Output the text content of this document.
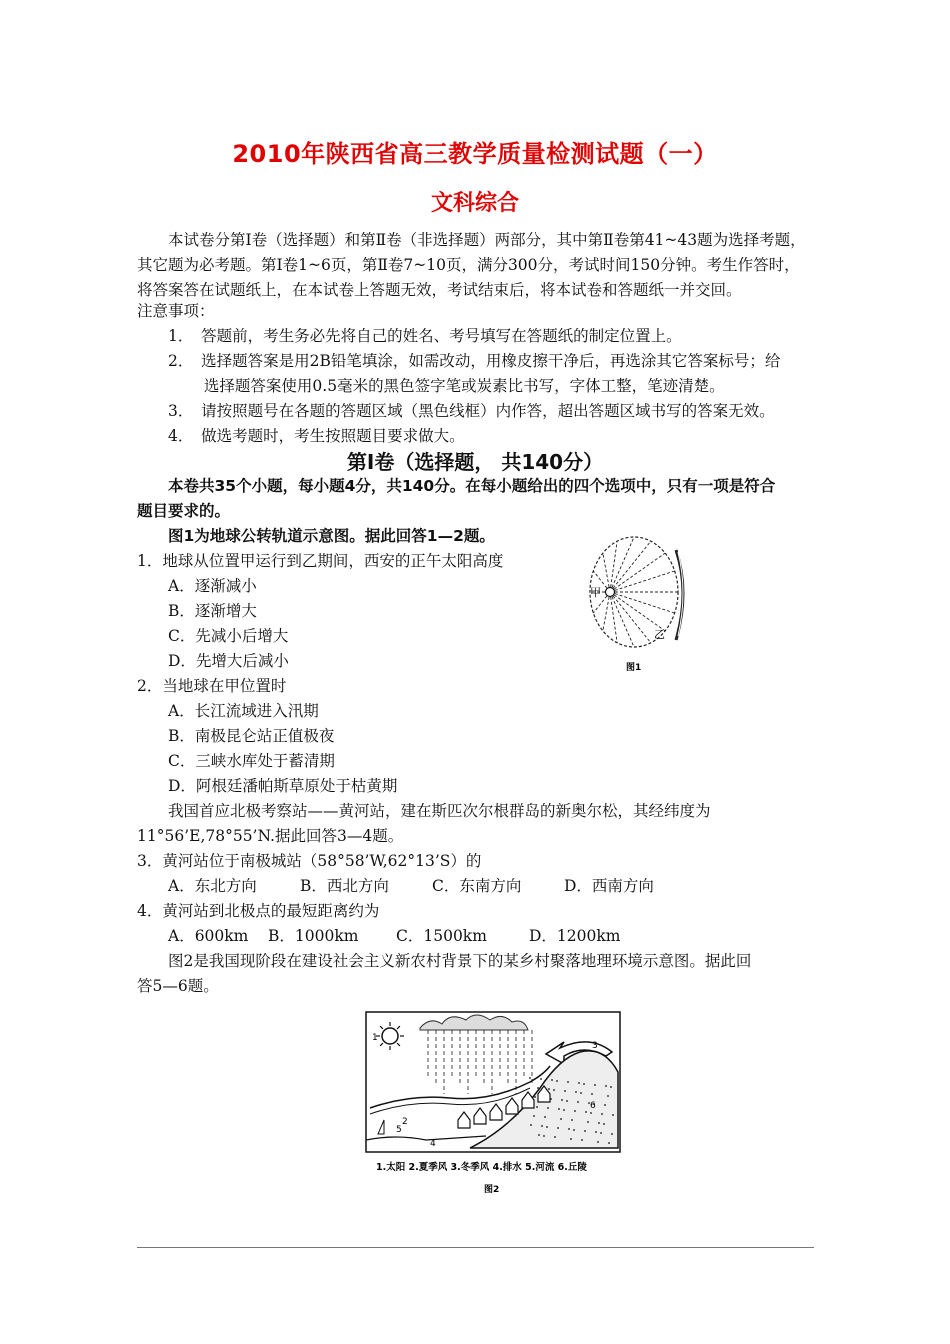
2010年陕西省高三教学质量检测试题（一）
文科综合
本试卷分第Ⅰ卷（选择题）和第Ⅱ卷（非选择题）两部分，其中第Ⅱ卷第41~43题为选择考题，
其它题为必考题。第Ⅰ卷1~6页，第Ⅱ卷7~10页，满分300分，考试时间150分钟。考生作答时，
将答案答在试题纸上，在本试卷上答题无效，考试结束后，将本试卷和答题纸一并交回。
注意事项：
1．　答题前，考生务必先将自己的姓名、考号填写在答题纸的制定位置上。
2．　选择题答案是用2B铅笔填涂，如需改动，用橡皮擦干净后，再选涂其它答案标号；给
　　 选择题答案使用0.5毫米的黑色签字笔或炭素比书写，字体工整，笔迹清楚。
3．　请按照题号在各题的答题区域（黑色线框）内作答，超出答题区域书写的答案无效。
4．　做选考题时，考生按照题目要求做大。
第Ⅰ卷（选择题， 共140分）
本卷共35个小题，每小题4分，共140分。在每小题给出的四个选项中，只有一项是符合
题目要求的。
图1为地球公转轨道示意图。据此回答1—2题。
1．地球从位置甲运行到乙期间，西安的正午太阳高度
A．逐渐减小
B．逐渐增大
C．先减小后增大
D．先增大后减小
2．当地球在甲位置时
A．长江流域进入汛期
B．南极昆仑站正值极夜
C．三峡水库处于蓄清期
D．阿根廷潘帕斯草原处于枯黄期
甲
乙
图1
我国首应北极考察站——黄河站，建在斯匹次尔根群岛的新奥尔松，其经纬度为
11°56’E,78°55’N.据此回答3—4题。
3．黄河站位于南极城站（58°58’W,62°13’S）的
A．东北方向	B．西北方向	C．东南方向	D．西南方向
4．黄河站到北极点的最短距离约为
A．600km B．1000km C．1500km	D．1200km
图2是我国现阶段在建设社会主义新农村背景下的某乡村聚落地理环境示意图。据此回
答5—6题。
1
3
2
6
5
4
1.太阳 2.夏季风 3.冬季风 4.排水 5.河流 6.丘陵
图2
